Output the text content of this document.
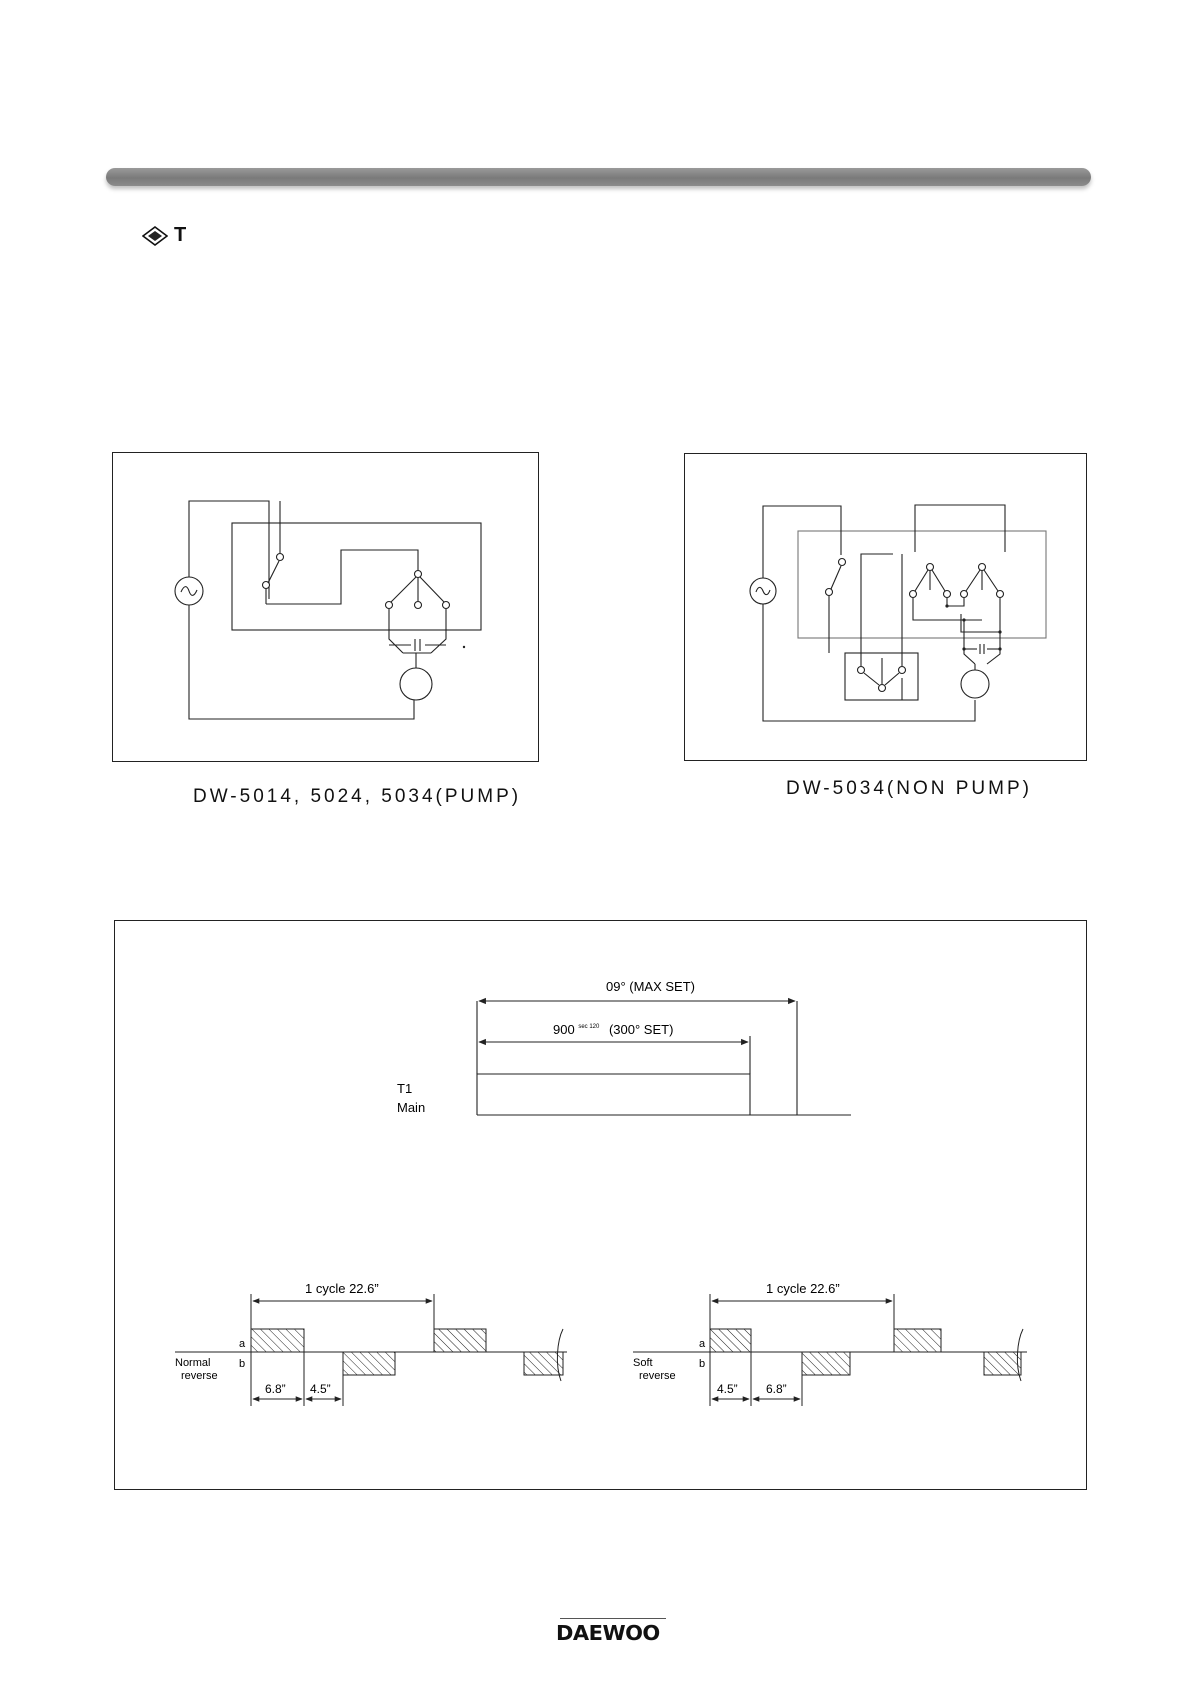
T
DW-5014, 5024, 5034(PUMP)	DW-5034(NON PUMP)
09° (MAX SET)
900 $^{sec 120}$ (300° SET)
T1
Main
1 cycle 22.6”
a
b
Normal reverse
6.8” 4.5”
1 cycle 22.6”
a
b
Soft reverse
4.5” 6.8”
DAEWOO
